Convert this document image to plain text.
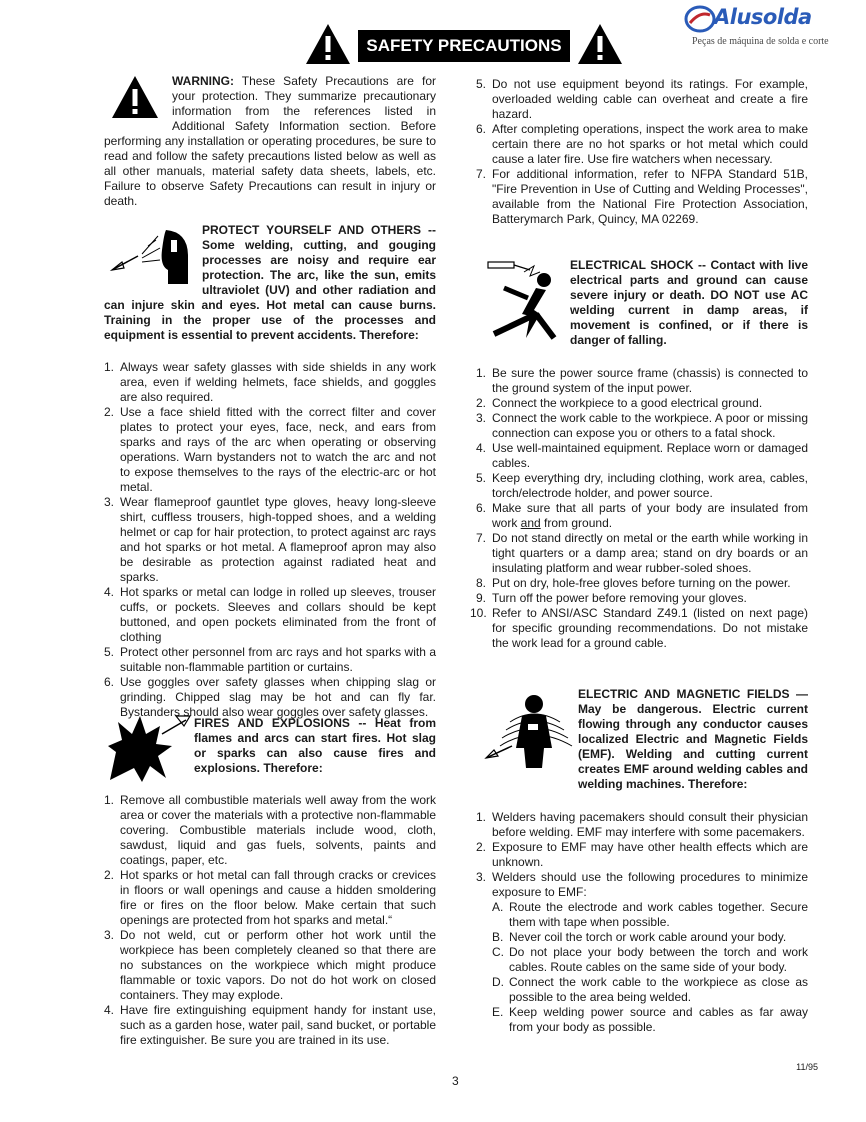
Alusolda
Peças de máquina de solda e corte
SAFETY PRECAUTIONS

WARNING: These Safety Precautions are for your protection. They summarize precautionary information from the references listed in Additional Safety Information section. Before performing any installation or operating procedures, be sure to read and follow the safety precautions listed below as well as all other manuals, material safety data sheets, labels, etc. Failure to observe Safety Precautions can result in injury or death.

PROTECT YOURSELF AND OTHERS -- Some welding, cutting, and gouging processes are noisy and require ear protection. The arc, like the sun, emits ultraviolet (UV) and other radiation and can injure skin and eyes. Hot metal can cause burns. Training in the proper use of the processes and equipment is essential to prevent accidents. Therefore:

1. Always wear safety glasses with side shields in any work area, even if welding helmets, face shields, and goggles are also required.
2. Use a face shield fitted with the correct filter and cover plates to protect your eyes, face, neck, and ears from sparks and rays of the arc when operating or observing operations. Warn bystanders not to watch the arc and not to expose themselves to the rays of the electric-arc or hot metal.
3. Wear flameproof gauntlet type gloves, heavy long-sleeve shirt, cuffless trousers, high-topped shoes, and a welding helmet or cap for hair protection, to protect against arc rays and hot sparks or hot metal. A flameproof apron may also be desirable as protection against radiated heat and sparks.
4. Hot sparks or metal can lodge in rolled up sleeves, trouser cuffs, or pockets. Sleeves and collars should be kept buttoned, and open pockets eliminated from the front of clothing
5. Protect other personnel from arc rays and hot sparks with a suitable non-flammable partition or curtains.
6. Use goggles over safety glasses when chipping slag or grinding. Chipped slag may be hot and can fly far. Bystanders should also wear goggles over safety glasses.

FIRES AND EXPLOSIONS -- Heat from flames and arcs can start fires. Hot slag or sparks can also cause fires and explosions. Therefore:

1. Remove all combustible materials well away from the work area or cover the materials with a protective non-flammable covering. Combustible materials include wood, cloth, sawdust, liquid and gas fuels, solvents, paints and coatings, paper, etc.
2. Hot sparks or hot metal can fall through cracks or crevices in floors or wall openings and cause a hidden smoldering fire or fires on the floor below. Make certain that such openings are protected from hot sparks and metal.“
3. Do not weld, cut or perform other hot work until the workpiece has been completely cleaned so that there are no substances on the workpiece which might produce flammable or toxic vapors. Do not do hot work on closed containers. They may explode.
4. Have fire extinguishing equipment handy for instant use, such as a garden hose, water pail, sand bucket, or portable fire extinguisher. Be sure you are trained in its use.
5. Do not use equipment beyond its ratings. For example, overloaded welding cable can overheat and create a fire hazard.
6. After completing operations, inspect the work area to make certain there are no hot sparks or hot metal which could cause a later fire. Use fire watchers when necessary.
7. For additional information, refer to NFPA Standard 51B, "Fire Prevention in Use of Cutting and Welding Processes", available from the National Fire Protection Association, Batterymarch Park, Quincy, MA 02269.

ELECTRICAL SHOCK -- Contact with live electrical parts and ground can cause severe injury or death. DO NOT use AC welding current in damp areas, if movement is confined, or if there is danger of falling.

1. Be sure the power source frame (chassis) is connected to the ground system of the input power.
2. Connect the workpiece to a good electrical ground.
3. Connect the work cable to the workpiece. A poor or missing connection can expose you or others to a fatal shock.
4. Use well-maintained equipment. Replace worn or damaged cables.
5. Keep everything dry, including clothing, work area, cables, torch/electrode holder, and power source.
6. Make sure that all parts of your body are insulated from work and from ground.
7. Do not stand directly on metal or the earth while working in tight quarters or a damp area; stand on dry boards or an insulating platform and wear rubber-soled shoes.
8. Put on dry, hole-free gloves before turning on the power.
9. Turn off the power before removing your gloves.
10. Refer to ANSI/ASC Standard Z49.1 (listed on next page) for specific grounding recommendations. Do not mistake the work lead for a ground cable.

ELECTRIC AND MAGNETIC FIELDS — May be dangerous. Electric current flowing through any conductor causes localized Electric and Magnetic Fields (EMF). Welding and cutting current creates EMF around welding cables and welding machines. Therefore:

1. Welders having pacemakers should consult their physician before welding. EMF may interfere with some pacemakers.
2. Exposure to EMF may have other health effects which are unknown.
3. Welders should use the following procedures to minimize exposure to EMF:
A. Route the electrode and work cables together. Secure them with tape when possible.
B. Never coil the torch or work cable around your body.
C. Do not place your body between the torch and work cables. Route cables on the same side of your body.
D. Connect the work cable to the workpiece as close as possible to the area being welded.
E. Keep welding power source and cables as far away from your body as possible.
11/95
3
